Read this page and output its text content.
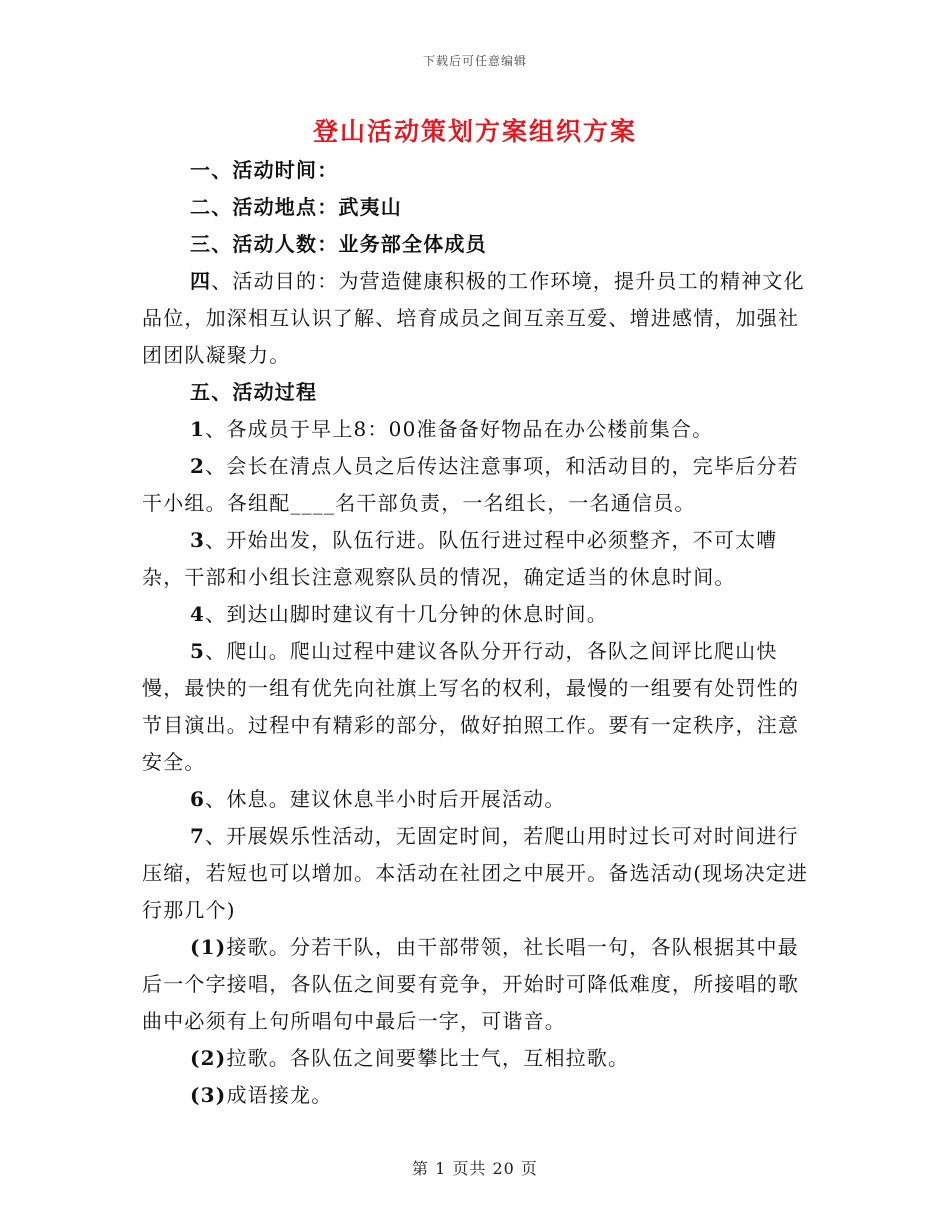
下载后可任意编辑
登山活动策划方案组织方案

一、活动时间：

二、活动地点：武夷山

三、活动人数：业务部全体成员

四、活动目的：为营造健康积极的工作环境，提升员工的精神文化品位，加深相互认识了解、培育成员之间互亲互爱、增进感情，加强社团团队凝聚力。

五、活动过程

1、各成员于早上8：00准备备好物品在办公楼前集合。

2、会长在清点人员之后传达注意事项，和活动目的，完毕后分若干小组。各组配____名干部负责，一名组长，一名通信员。

3、开始出发，队伍行进。队伍行进过程中必须整齐，不可太嘈杂，干部和小组长注意观察队员的情况，确定适当的休息时间。

4、到达山脚时建议有十几分钟的休息时间。

5、爬山。爬山过程中建议各队分开行动，各队之间评比爬山快慢，最快的一组有优先向社旗上写名的权利，最慢的一组要有处罚性的节目演出。过程中有精彩的部分，做好拍照工作。要有一定秩序，注意安全。

6、休息。建议休息半小时后开展活动。

7、开展娱乐性活动，无固定时间，若爬山用时过长可对时间进行压缩，若短也可以增加。本活动在社团之中展开。备选活动(现场决定进行那几个)

(1)接歌。分若干队，由干部带领，社长唱一句，各队根据其中最后一个字接唱，各队伍之间要有竞争，开始时可降低难度，所接唱的歌曲中必须有上句所唱句中最后一字，可谐音。

(2)拉歌。各队伍之间要攀比士气，互相拉歌。

(3)成语接龙。

第 1 页共 20 页
